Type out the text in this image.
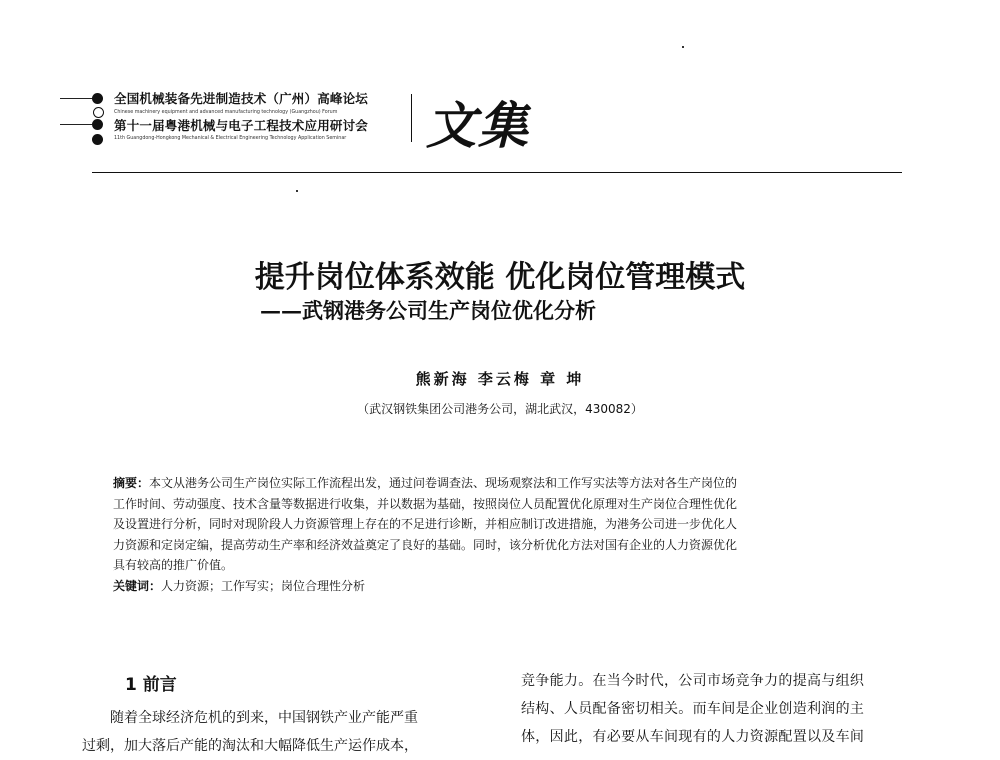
全国机械装备先进制造技术（广州）高峰论坛
Chinese machinery equipment and advanced manufacturing technology (Guangzhou) Forum
第十一届粤港机械与电子工程技术应用研讨会
11th Guangdong-Hongkong Mechanical & Electrical Engineering Technology Application Seminar 文集
提升岗位体系效能 优化岗位管理模式
——武钢港务公司生产岗位优化分析
熊新海 李云梅 章 坤
（武汉钢铁集团公司港务公司，湖北武汉，430082）
摘要：本文从港务公司生产岗位实际工作流程出发，通过问卷调查法、现场观察法和工作写实法等方法对各生产岗位的
工作时间、劳动强度、技术含量等数据进行收集，并以数据为基础，按照岗位人员配置优化原理对生产岗位合理性优化
及设置进行分析，同时对现阶段人力资源管理上存在的不足进行诊断，并相应制订改进措施，为港务公司进一步优化人
力资源和定岗定编，提高劳动生产率和经济效益奠定了良好的基础。同时，该分析优化方法对国有企业的人力资源优化
具有较高的推广价值。
关键词：人力资源；工作写实；岗位合理性分析
1 前言
　　随着全球经济危机的到来，中国钢铁产业产能严重
过剩，加大落后产能的淘汰和大幅降低生产运作成本，
竞争能力。在当今时代，公司市场竞争力的提高与组织
结构、人员配备密切相关。而车间是企业创造利润的主
体，因此，有必要从车间现有的人力资源配置以及车间
